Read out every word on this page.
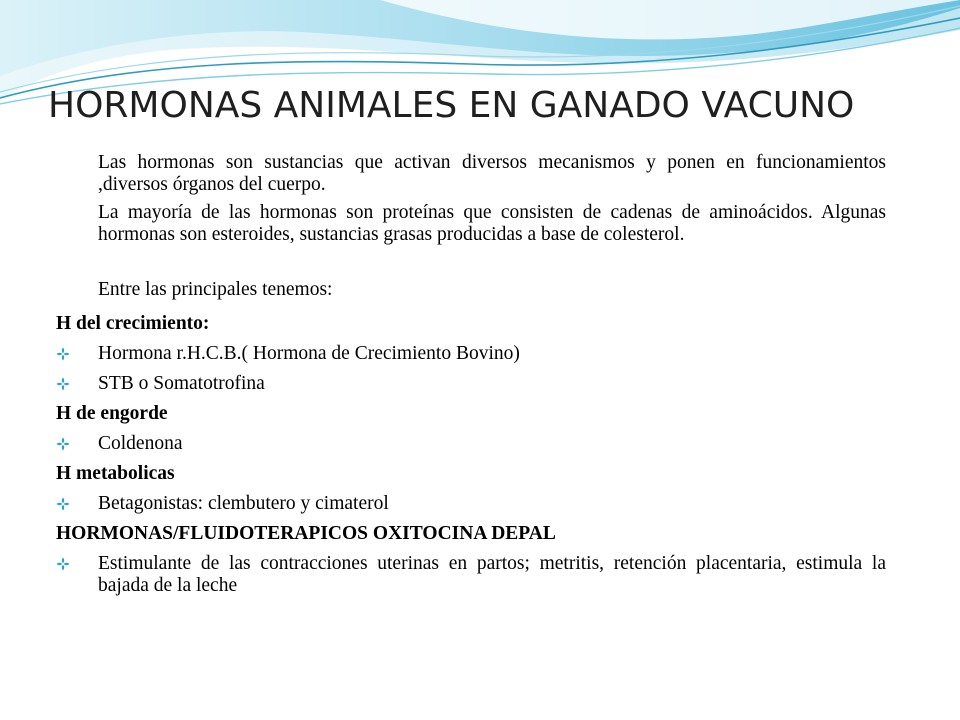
HORMONAS ANIMALES EN GANADO VACUNO

Las hormonas son sustancias que activan diversos mecanismos y ponen en funcionamientos ,diversos órganos del cuerpo.

La mayoría de las hormonas son proteínas que consisten de cadenas de aminoácidos. Algunas hormonas son esteroides, sustancias grasas producidas a base de colesterol.

Entre las principales tenemos:

H del crecimiento:
Hormona r.H.C.B.( Hormona de Crecimiento Bovino)
STB o Somatotrofina
H de engorde
Coldenona
H metabolicas
Betagonistas: clembutero y cimaterol
HORMONAS/FLUIDOTERAPICOS OXITOCINA DEPAL
Estimulante de las contracciones uterinas en partos; metritis, retención placentaria, estimula la bajada de la leche
